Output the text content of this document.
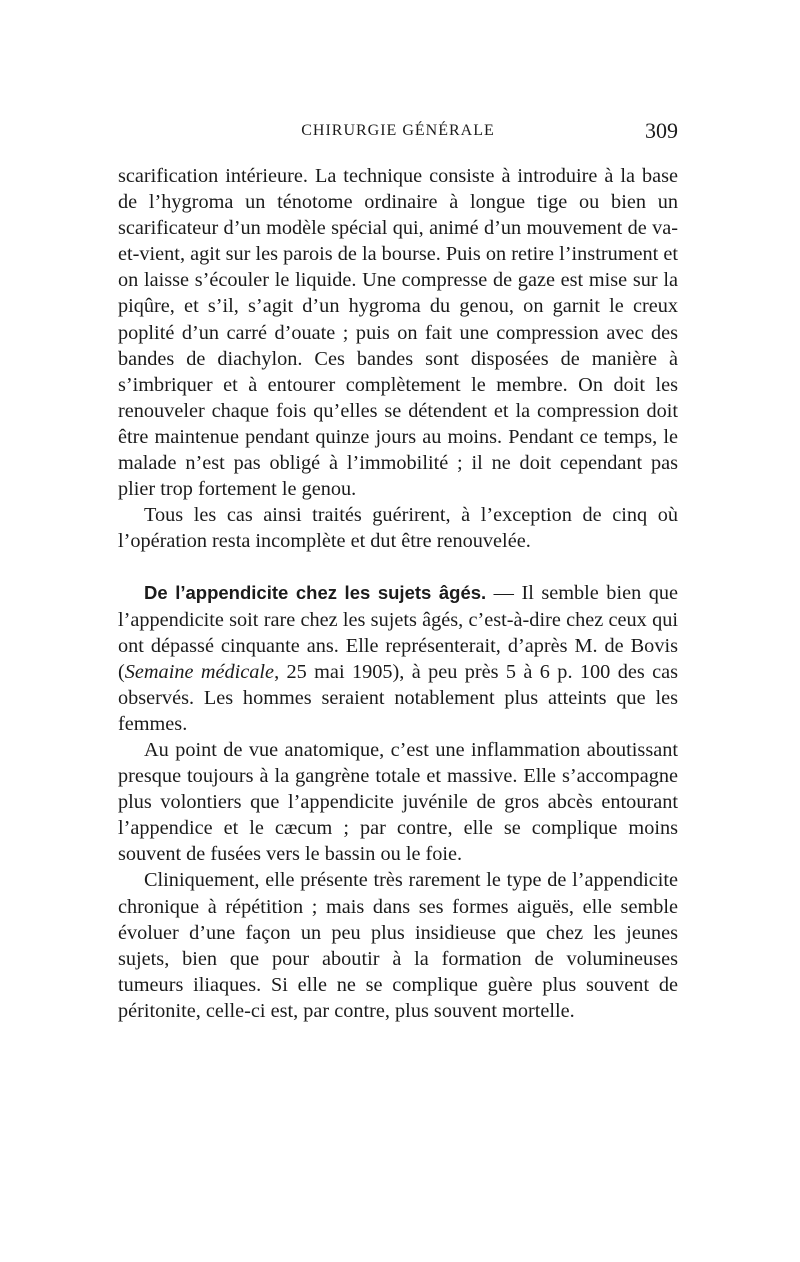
CHIRURGIE GÉNÉRALE	309

scarification intérieure. La technique consiste à introduire à la base de l’hygroma un ténotome ordinaire à longue tige ou bien un scarificateur d’un modèle spécial qui, animé d’un mouvement de va-et-vient, agit sur les parois de la bourse. Puis on retire l’instrument et on laisse s’écouler le liquide. Une compresse de gaze est mise sur la piqûre, et s’il, s’agit d’un hygroma du genou, on garnit le creux poplité d’un carré d’ouate ; puis on fait une compression avec des bandes de diachylon. Ces bandes sont disposées de manière à s’imbriquer et à entourer complètement le membre. On doit les renouveler chaque fois qu’elles se détendent et la compression doit être maintenue pendant quinze jours au moins. Pendant ce temps, le malade n’est pas obligé à l’immobilité ; il ne doit cependant pas plier trop fortement le genou.

Tous les cas ainsi traités guérirent, à l’exception de cinq où l’opération resta incomplète et dut être renouvelée.

De l’appendicite chez les sujets âgés. — Il semble bien que l’appendicite soit rare chez les sujets âgés, c’est-à-dire chez ceux qui ont dépassé cinquante ans. Elle représenterait, d’après M. de Bovis (Semaine médicale, 25 mai 1905), à peu près 5 à 6 p. 100 des cas observés. Les hommes seraient notablement plus atteints que les femmes.

Au point de vue anatomique, c’est une inflammation aboutissant presque toujours à la gangrène totale et massive. Elle s’accompagne plus volontiers que l’appendicite juvénile de gros abcès entourant l’appendice et le cæcum ; par contre, elle se complique moins souvent de fusées vers le bassin ou le foie.

Cliniquement, elle présente très rarement le type de l’appendicite chronique à répétition ; mais dans ses formes aiguës, elle semble évoluer d’une façon un peu plus insidieuse que chez les jeunes sujets, bien que pour aboutir à la formation de volumineuses tumeurs iliaques. Si elle ne se complique guère plus souvent de péritonite, celle-ci est, par contre, plus souvent mortelle.
